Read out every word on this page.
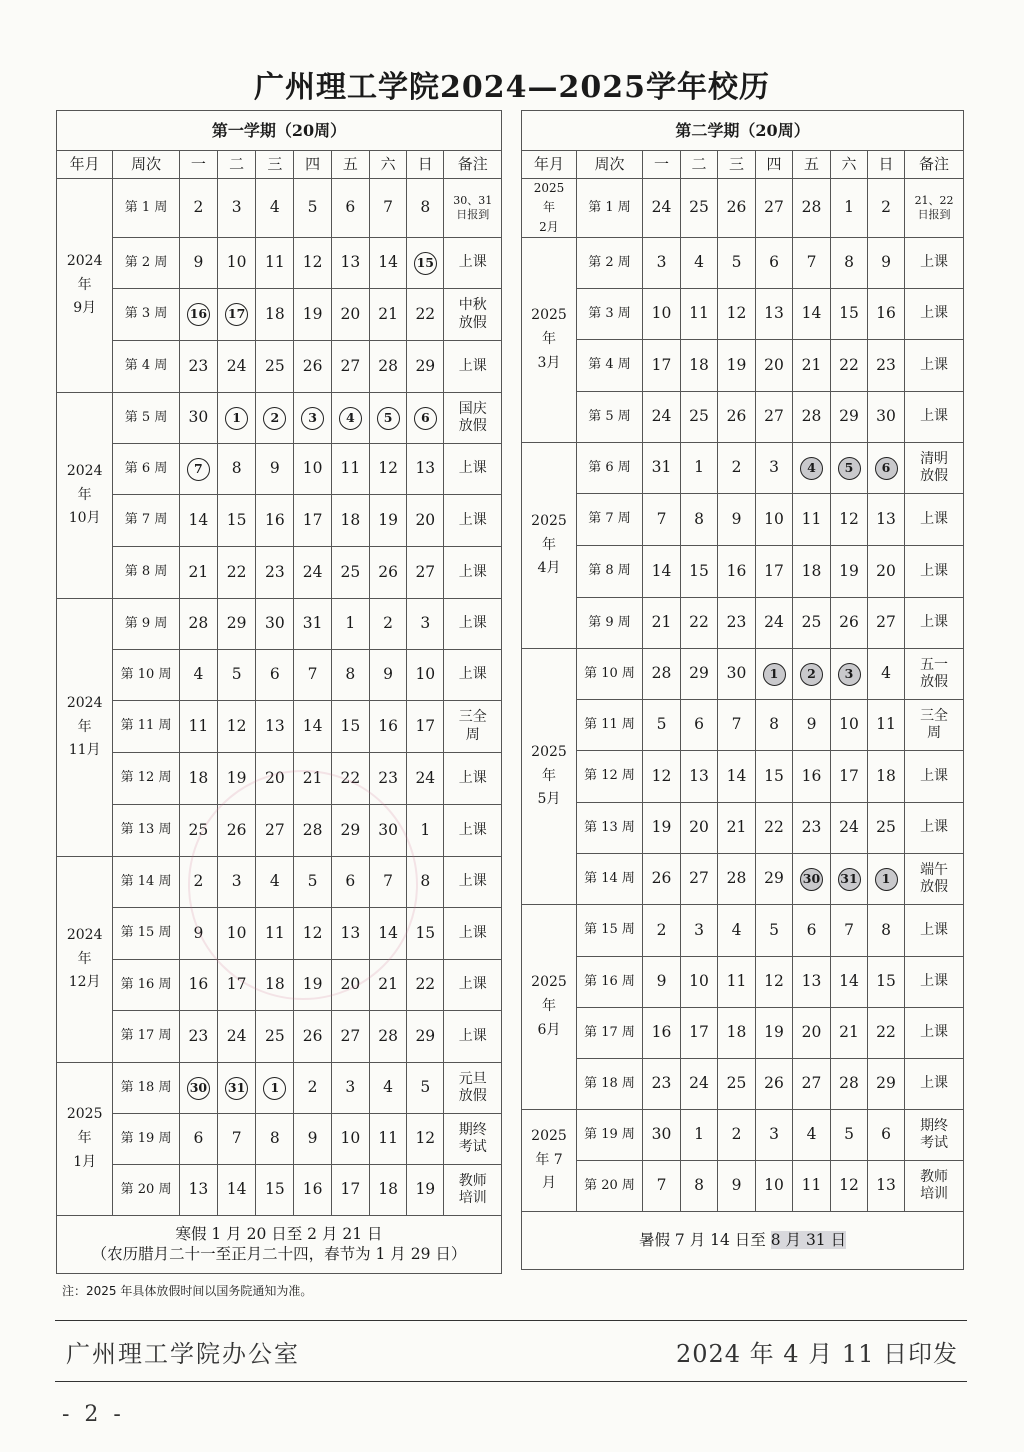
广州理工学院2024—2025学年校历
第一学期（20周）									
年月	周次	一	二	三	四	五	六	日	备注
2024
年
9月	第 1 周	2	3	4	5	6	7	8	30、31
日报到
	第 2 周	9	10	11	12	13	14	15	上课
	第 3 周	16	17	18	19	20	21	22	中秋
放假
	第 4 周	23	24	25	26	27	28	29	上课
2024
年
10月	第 5 周	30	1	2	3	4	5	6	国庆
放假
	第 6 周	7	8	9	10	11	12	13	上课
	第 7 周	14	15	16	17	18	19	20	上课
	第 8 周	21	22	23	24	25	26	27	上课
2024
年
11月	第 9 周	28	29	30	31	1	2	3	上课
	第 10 周	4	5	6	7	8	9	10	上课
	第 11 周	11	12	13	14	15	16	17	三全
周
	第 12 周	18	19	20	21	22	23	24	上课
	第 13 周	25	26	27	28	29	30	1	上课
2024
年
12月	第 14 周	2	3	4	5	6	7	8	上课
	第 15 周	9	10	11	12	13	14	15	上课
	第 16 周	16	17	18	19	20	21	22	上课
	第 17 周	23	24	25	26	27	28	29	上课
2025
年
1月	第 18 周	30	31	1	2	3	4	5	元旦
放假
	第 19 周	6	7	8	9	10	11	12	期终
考试
	第 20 周	13	14	15	16	17	18	19	教师
培训
寒假 1 月 20 日至 2 月 21 日
（农历腊月二十一至正月二十四，春节为 1 月 29 日）									
第二学期（20周）									
年月	周次	一	二	三	四	五	六	日	备注
2025
年
2月	第 1 周	24	25	26	27	28	1	2	21、22
日报到
2025
年
3月	第 2 周	3	4	5	6	7	8	9	上课
	第 3 周	10	11	12	13	14	15	16	上课
	第 4 周	17	18	19	20	21	22	23	上课
	第 5 周	24	25	26	27	28	29	30	上课
2025
年
4月	第 6 周	31	1	2	3	4	5	6	清明
放假
	第 7 周	7	8	9	10	11	12	13	上课
	第 8 周	14	15	16	17	18	19	20	上课
	第 9 周	21	22	23	24	25	26	27	上课
2025
年
5月	第 10 周	28	29	30	1	2	3	4	五一
放假
	第 11 周	5	6	7	8	9	10	11	三全
周
	第 12 周	12	13	14	15	16	17	18	上课
	第 13 周	19	20	21	22	23	24	25	上课
	第 14 周	26	27	28	29	30	31	1	端午
放假
2025
年
6月	第 15 周	2	3	4	5	6	7	8	上课
	第 16 周	9	10	11	12	13	14	15	上课
	第 17 周	16	17	18	19	20	21	22	上课
	第 18 周	23	24	25	26	27	28	29	上课
2025
年 7
月	第 19 周	30	1	2	3	4	5	6	期终
考试
	第 20 周	7	8	9	10	11	12	13	教师
培训
暑假 7 月 14 日至 8 月 31 日									
注：2025 年具体放假时间以国务院通知为准。
广州理工学院办公室	2024 年 4 月 11 日印发
- 2 -
